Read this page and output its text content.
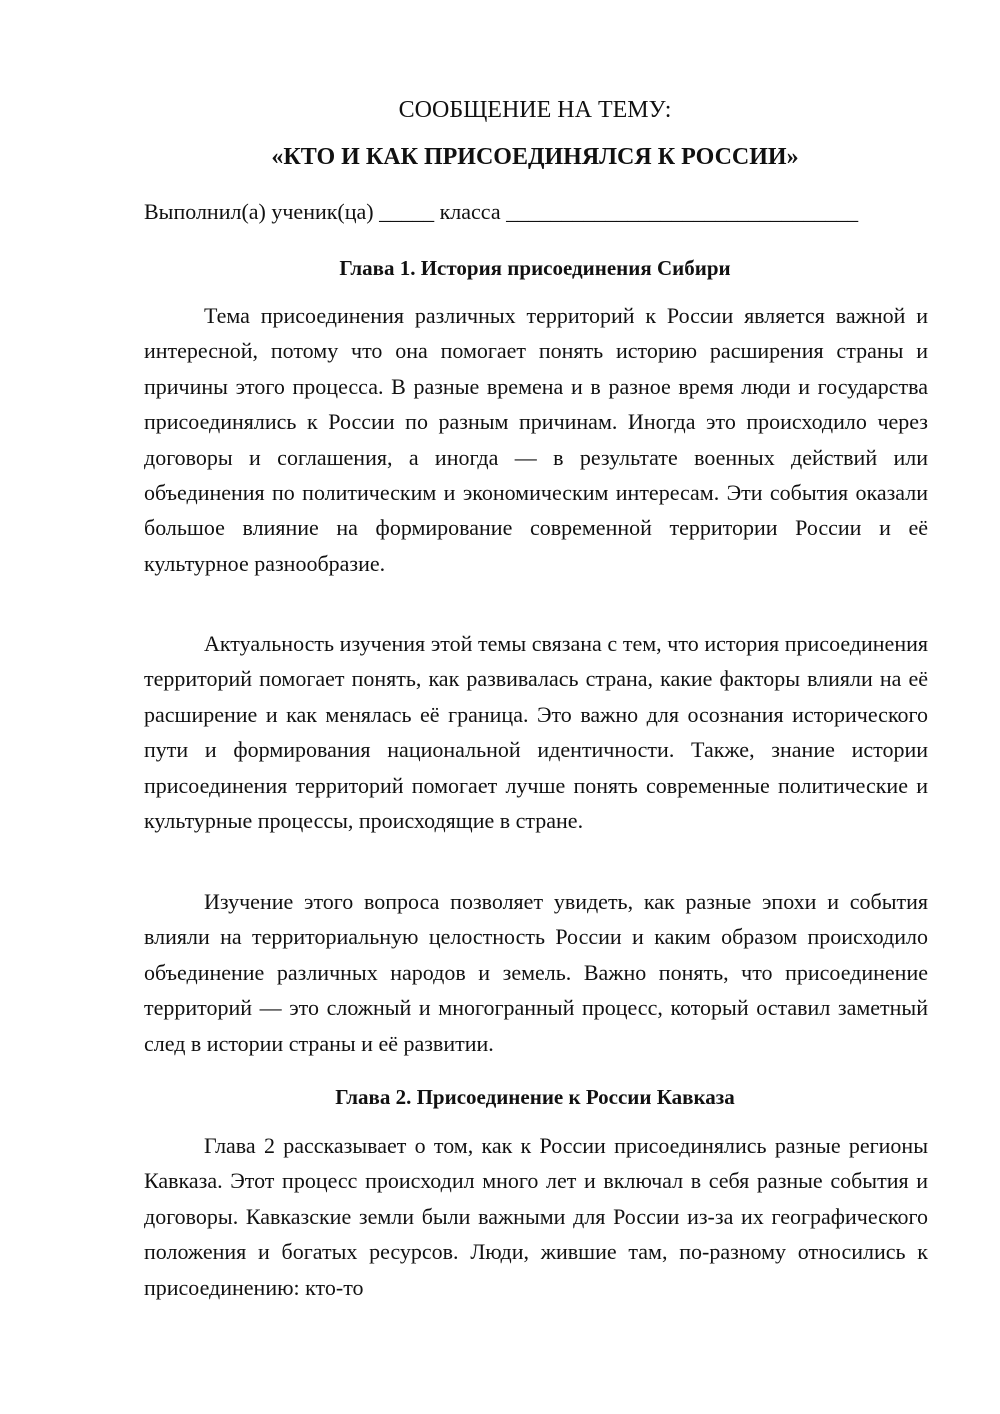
СООБЩЕНИЕ НА ТЕМУ:
«КТО И КАК ПРИСОЕДИНЯЛСЯ К РОССИИ»
Выполнил(а) ученик(ца) _____ класса ________________________________
Глава 1. История присоединения Сибири

Тема присоединения различных территорий к России является важной и интересной, потому что она помогает понять историю расширения страны и причины этого процесса. В разные времена и в разное время люди и государства присоединялись к России по разным причинам. Иногда это происходило через договоры и соглашения, а иногда — в результате военных действий или объединения по политическим и экономическим интересам. Эти события оказали большое влияние на формирование современной территории России и её культурное разнообразие.

Актуальность изучения этой темы связана с тем, что история присоединения территорий помогает понять, как развивалась страна, какие факторы влияли на её расширение и как менялась её граница. Это важно для осознания исторического пути и формирования национальной идентичности. Также, знание истории присоединения территорий помогает лучше понять современные политические и культурные процессы, происходящие в стране.

Изучение этого вопроса позволяет увидеть, как разные эпохи и события влияли на территориальную целостность России и каким образом происходило объединение различных народов и земель. Важно понять, что присоединение территорий — это сложный и многогранный процесс, который оставил заметный след в истории страны и её развитии.

Глава 2. Присоединение к России Кавказа

Глава 2 рассказывает о том, как к России присоединялись разные регионы Кавказа. Этот процесс происходил много лет и включал в себя разные события и договоры. Кавказские земли были важными для России из-за их географического положения и богатых ресурсов. Люди, жившие там, по-разному относились к присоединению: кто-то
